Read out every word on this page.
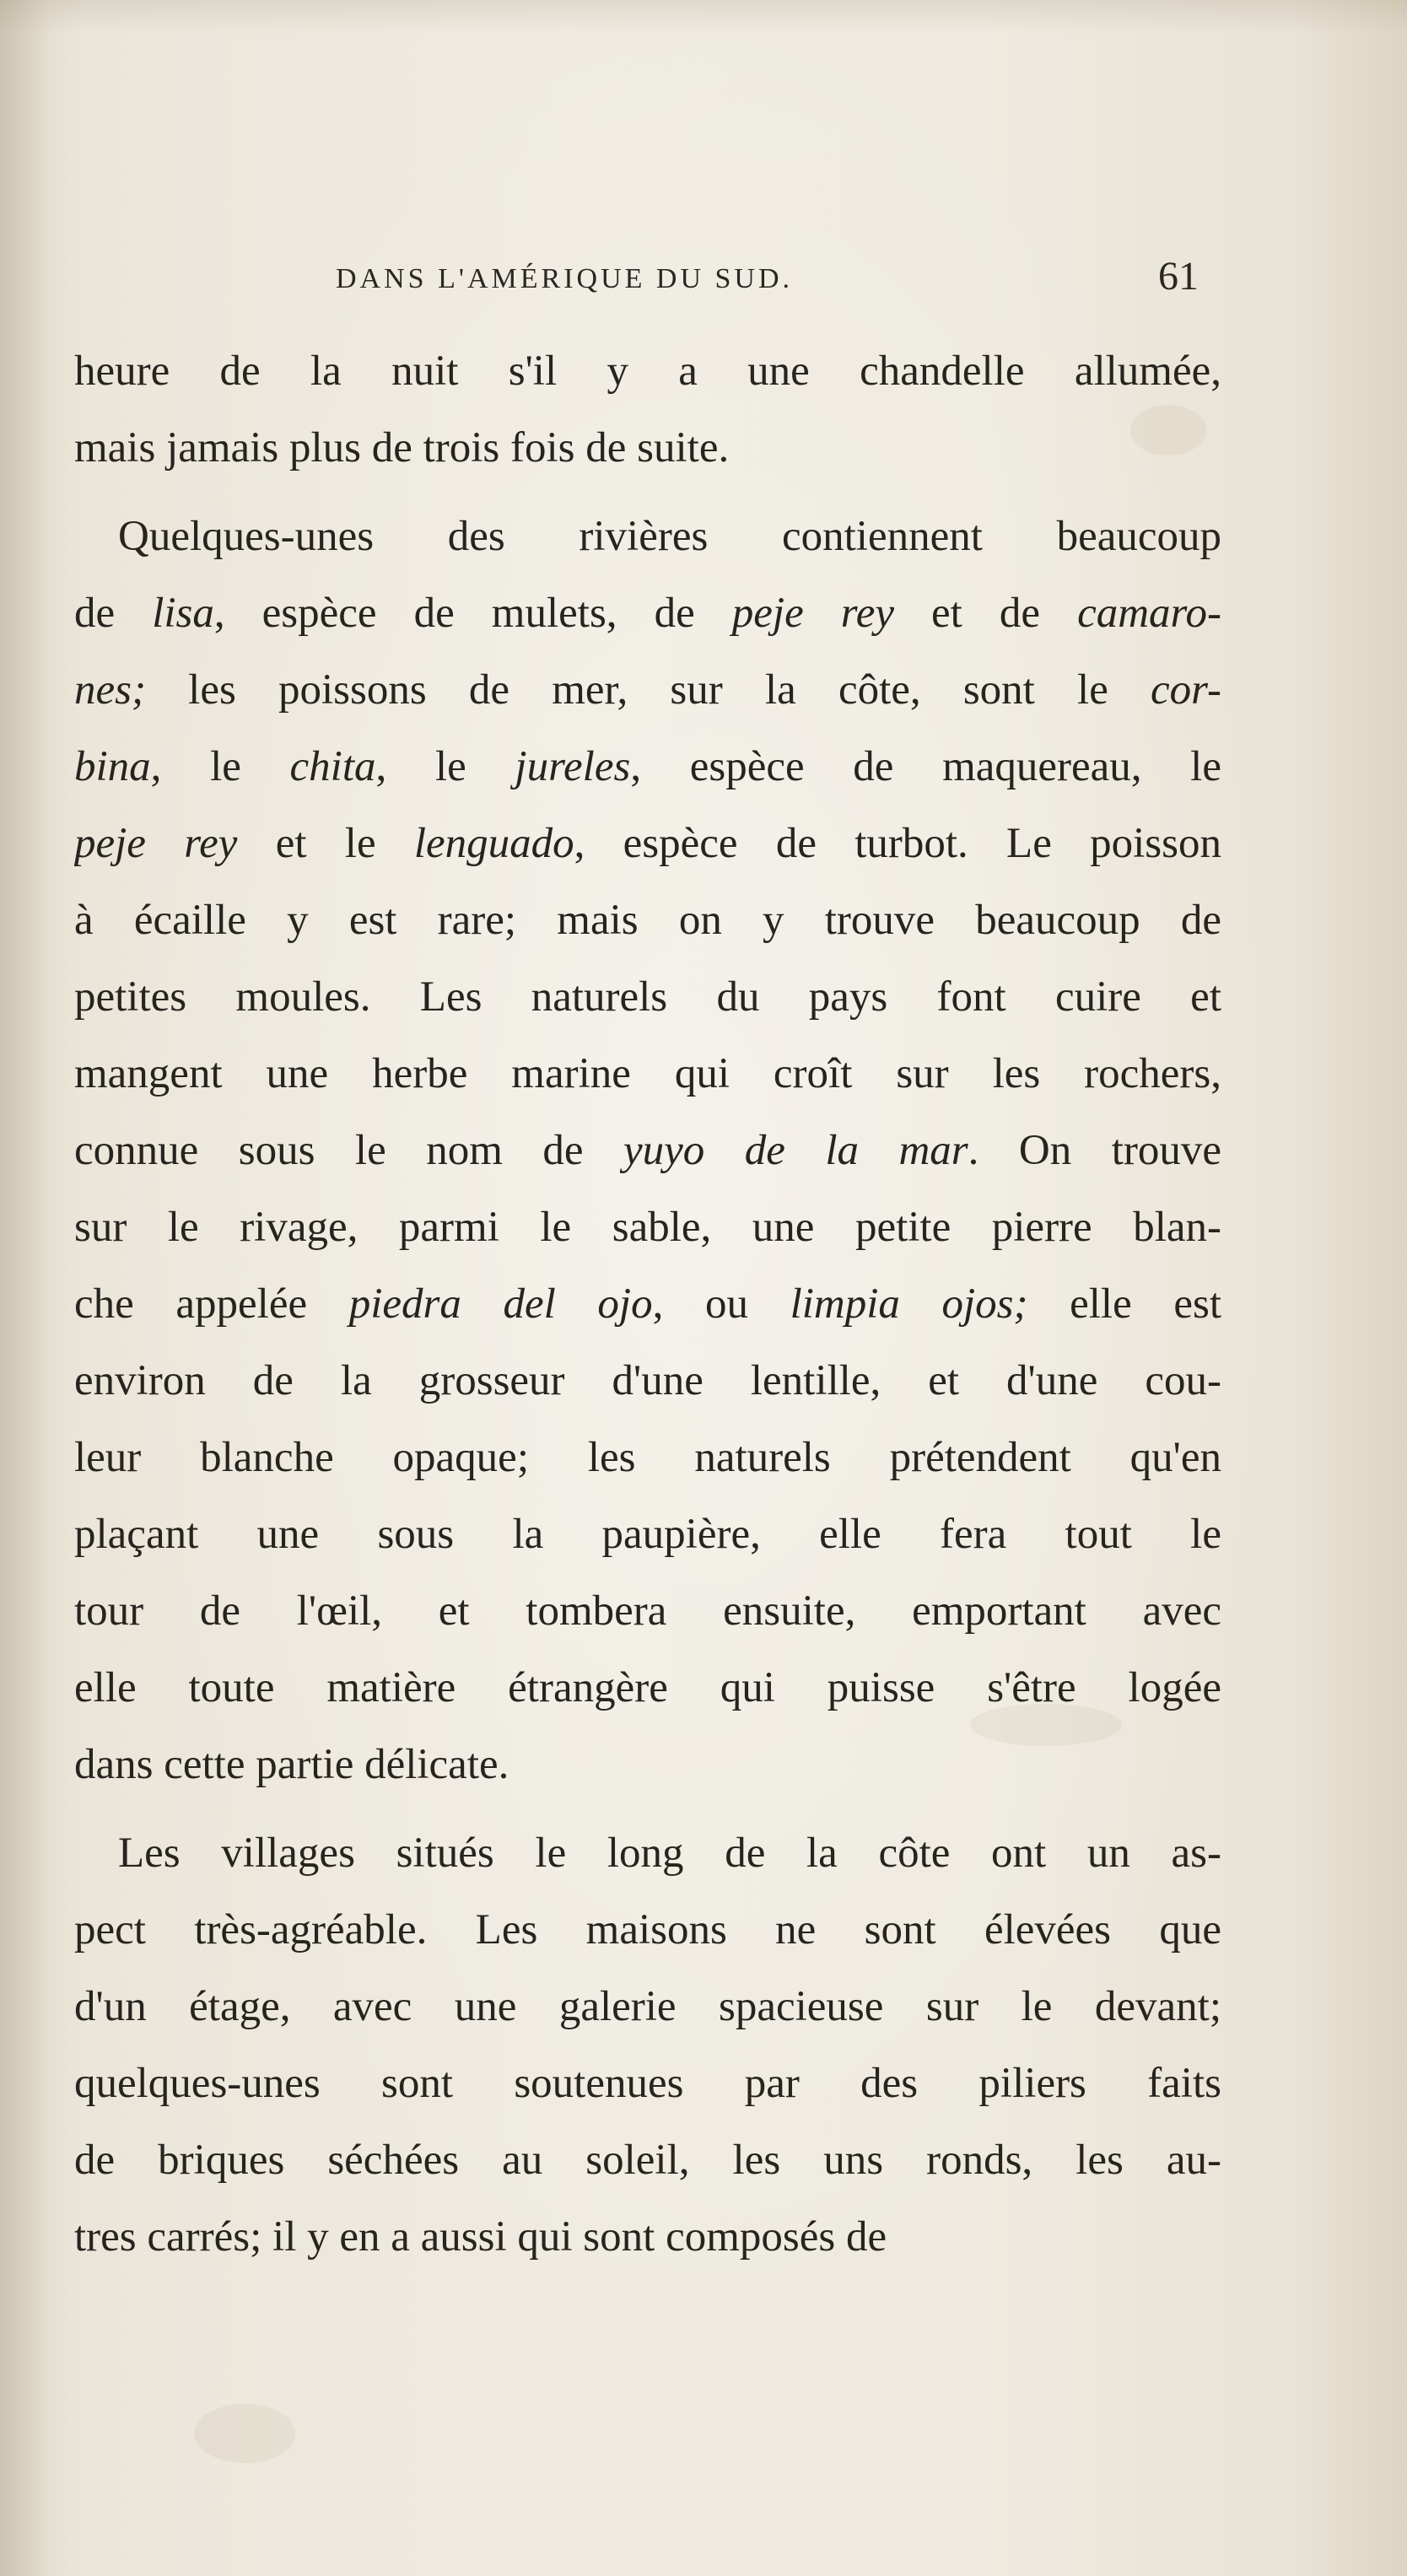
DANS L'AMÉRIQUE DU SUD.	61
heure de la nuit s'il y a une chandelle allumée,
mais jamais plus de trois fois de suite.
Quelques-unes des rivières contiennent beaucoup
de lisa, espèce de mulets, de peje rey et de camaro-
nes; les poissons de mer, sur la côte, sont le cor-
bina, le chita, le jureles, espèce de maquereau, le
peje rey et le lenguado, espèce de turbot. Le poisson
à écaille y est rare; mais on y trouve beaucoup de
petites moules. Les naturels du pays font cuire et
mangent une herbe marine qui croît sur les rochers,
connue sous le nom de yuyo de la mar. On trouve
sur le rivage, parmi le sable, une petite pierre blan-
che appelée piedra del ojo, ou limpia ojos; elle est
environ de la grosseur d'une lentille, et d'une cou-
leur blanche opaque; les naturels prétendent qu'en
plaçant une sous la paupière, elle fera tout le
tour de l'œil, et tombera ensuite, emportant avec
elle toute matière étrangère qui puisse s'être logée
dans cette partie délicate.
Les villages situés le long de la côte ont un as-
pect très-agréable. Les maisons ne sont élevées que
d'un étage, avec une galerie spacieuse sur le devant;
quelques-unes sont soutenues par des piliers faits
de briques séchées au soleil, les uns ronds, les au-
tres carrés; il y en a aussi qui sont composés de
